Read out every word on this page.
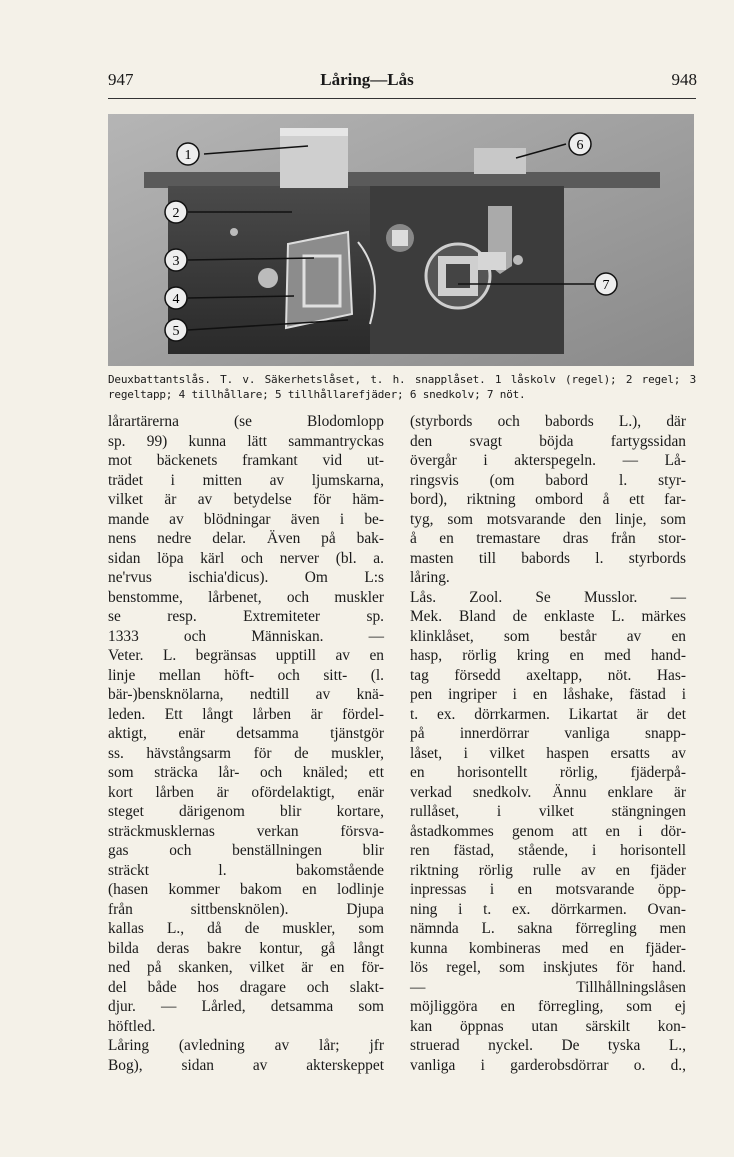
947	Låring—Lås	948
1
2
3
4
5
6
7
Deuxbattantslås. T. v. Säkerhetslåset, t. h. snapplåset. 1 låskolv (regel); 2 regel; 3 regeltapp; 4 tillhållare; 5 tillhållarefjäder; 6 snedkolv; 7 nöt.
lårartärerna (se Blodomlopp
sp. 99) kunna lätt sammantryckas
mot bäckenets framkant vid ut-
trädet i mitten av ljumskarna,
vilket är av betydelse för häm-
mande av blödningar även i be-
nens nedre delar. Även på bak-
sidan löpa kärl och nerver (bl. a.
ne'rvus ischia'dicus). Om L:s
benstomme, lårbenet, och muskler
se resp. Extremiteter sp.
1333 och Människan. —
Veter. L. begränsas upptill av en
linje mellan höft- och sitt- (l.
bär-)bensknölarna, nedtill av knä-
leden. Ett långt lårben är fördel-
aktigt, enär detsamma tjänstgör
ss. hävstångsarm för de muskler,
som sträcka lår- och knäled; ett
kort lårben är ofördelaktigt, enär
steget därigenom blir kortare,
sträckmusklernas verkan försva-
gas och benställningen blir
sträckt l. bakomstående
(hasen kommer bakom en lodlinje
från sittbensknölen). Djupa
kallas L., då de muskler, som
bilda deras bakre kontur, gå långt
ned på skanken, vilket är en för-
del både hos dragare och slakt-
djur. — Lårled, detsamma som
höftled.
Låring (avledning av lår; jfr
Bog), sidan av akterskeppet
(styrbords och babords L.), där
den svagt böjda fartygssidan
övergår i akterspegeln. — Lå-
ringsvis (om babord l. styr-
bord), riktning ombord å ett far-
tyg, som motsvarande den linje, som
å en tremastare dras från stor-
masten till babords l. styrbords
låring.
Lås. Zool. Se Musslor. —
Mek. Bland de enklaste L. märkes
klinklåset, som består av en
hasp, rörlig kring en med hand-
tag försedd axeltapp, nöt. Has-
pen ingriper i en låshake, fästad i
t. ex. dörrkarmen. Likartat är det
på innerdörrar vanliga snapp-
låset, i vilket haspen ersatts av
en horisontellt rörlig, fjäderpå-
verkad snedkolv. Ännu enklare är
rullåset, i vilket stängningen
åstadkommes genom att en i dör-
ren fästad, stående, i horisontell
riktning rörlig rulle av en fjäder
inpressas i en motsvarande öpp-
ning i t. ex. dörrkarmen. Ovan-
nämnda L. sakna förregling men
kunna kombineras med en fjäder-
lös regel, som inskjutes för hand.
— Tillhållningslåsen
möjliggöra en förregling, som ej
kan öppnas utan särskilt kon-
struerad nyckel. De tyska L.,
vanliga i garderobsdörrar o. d.,
